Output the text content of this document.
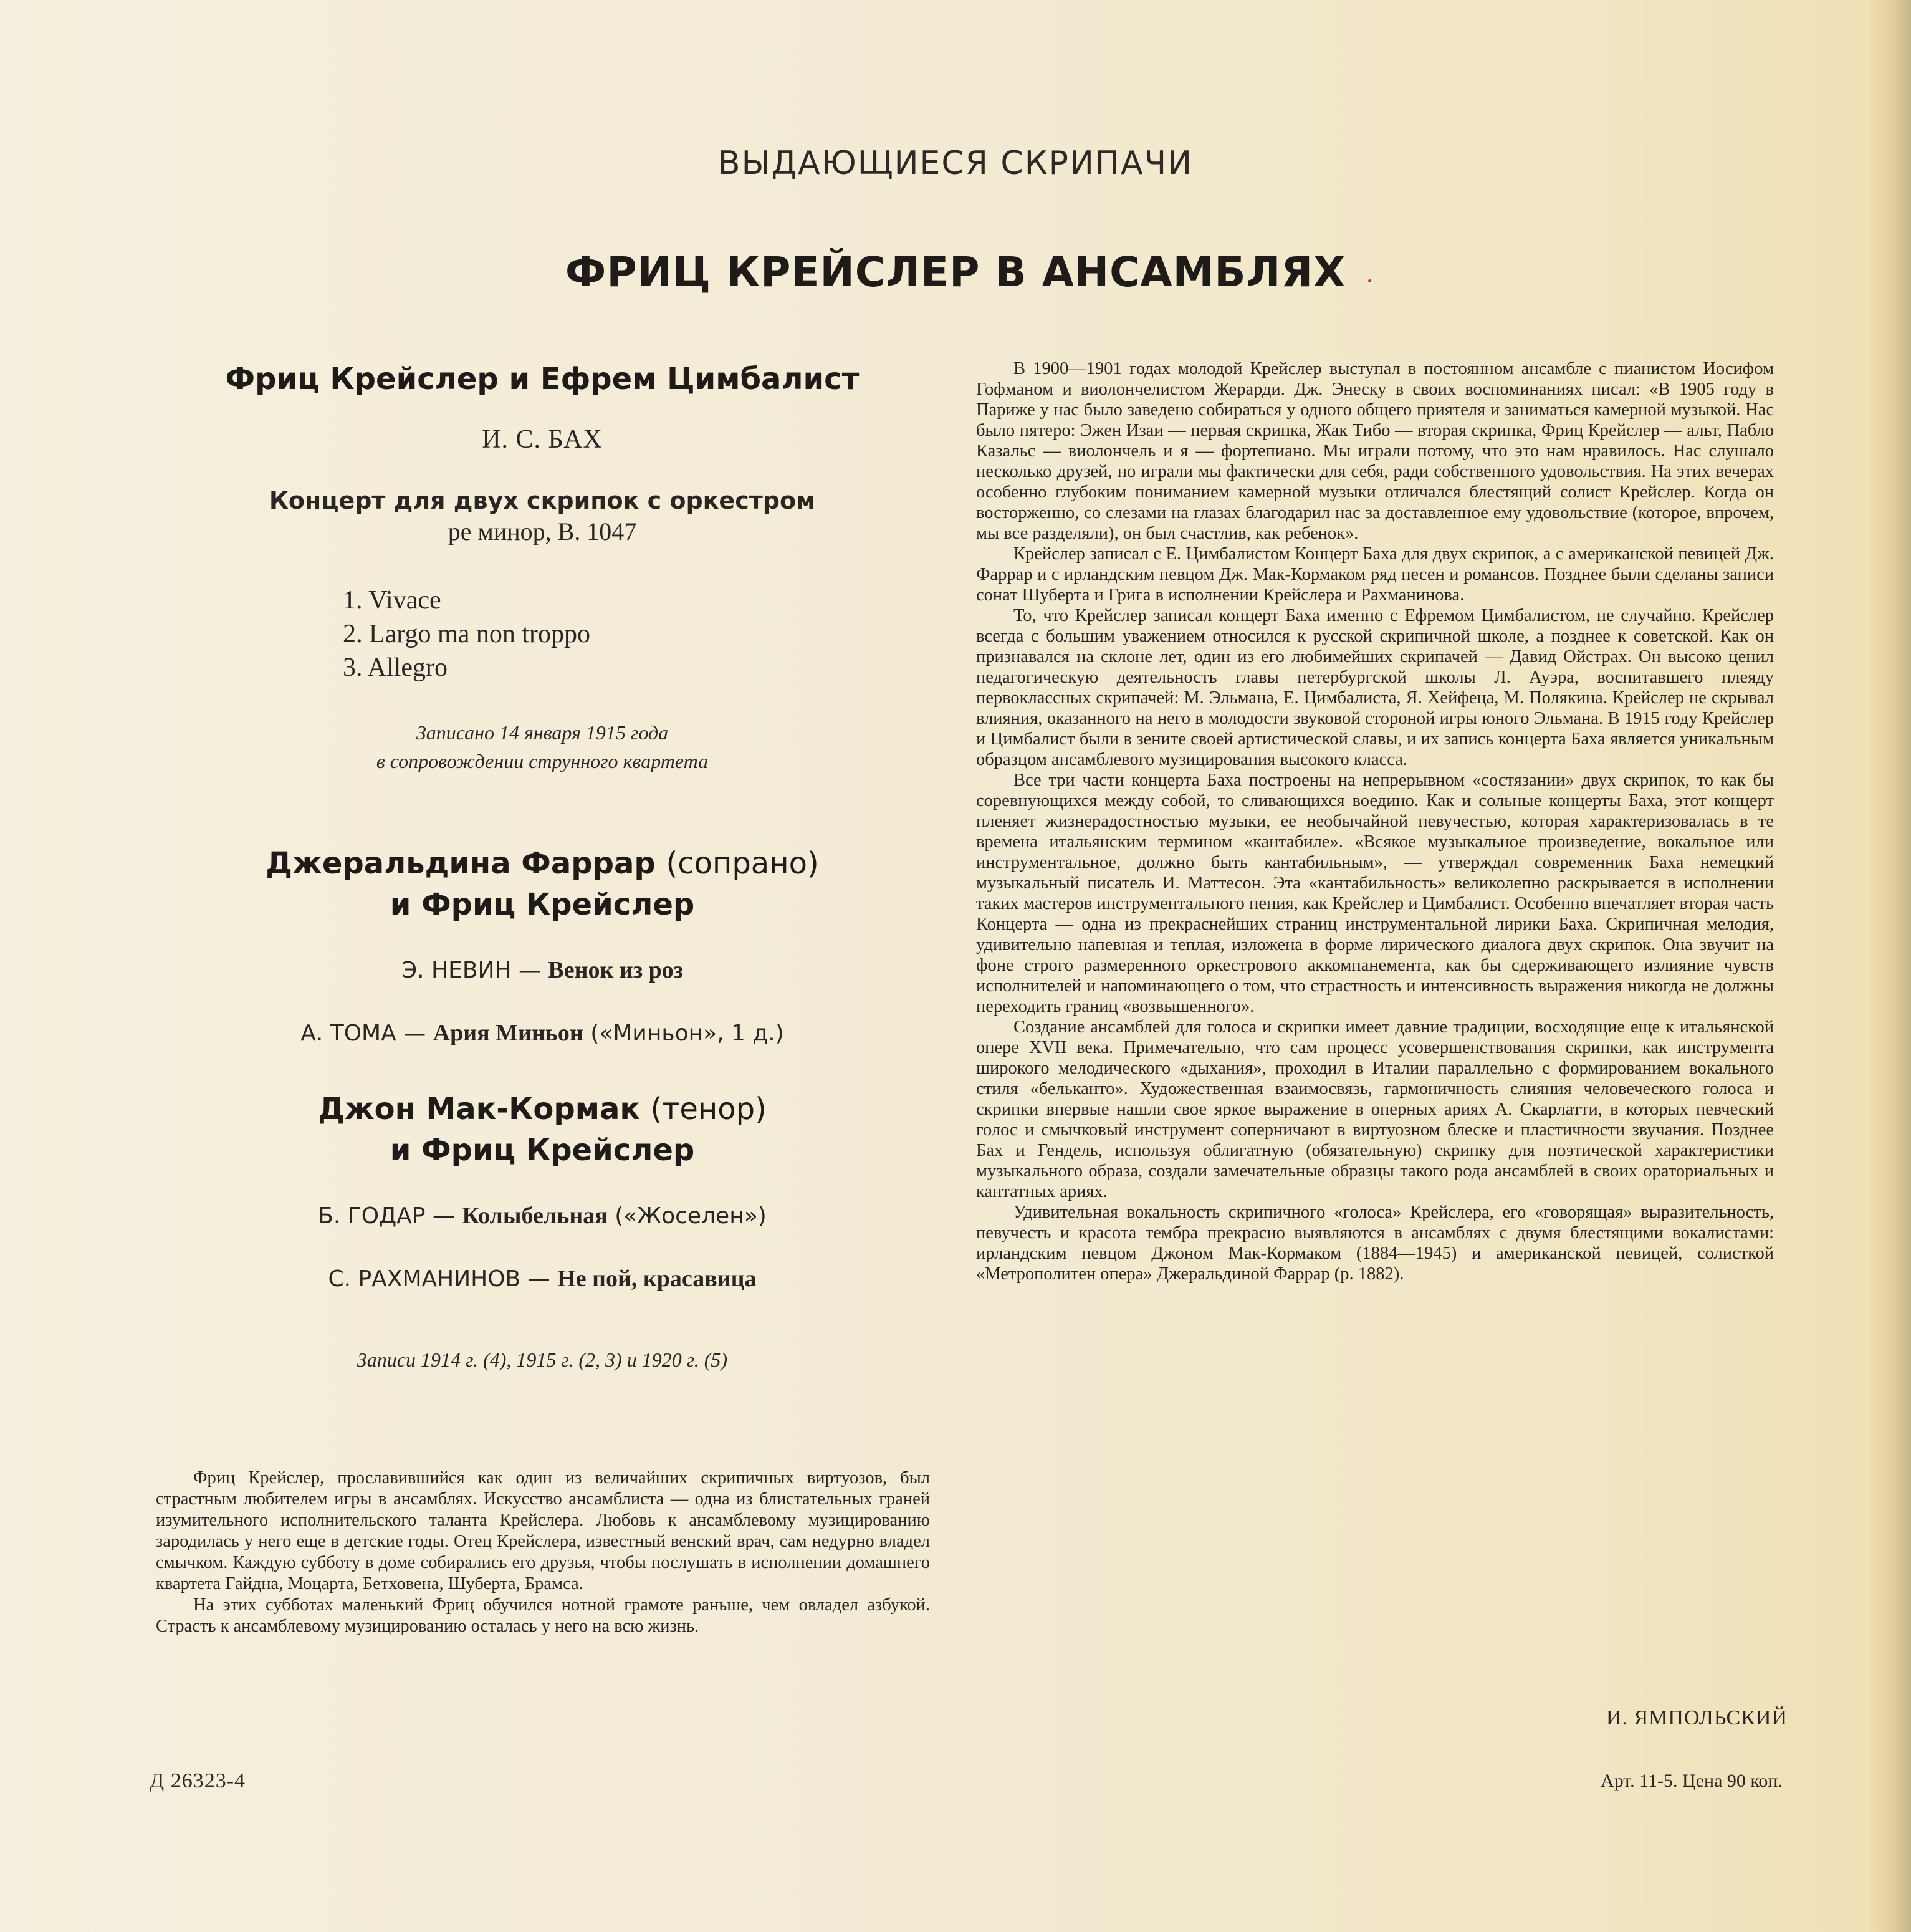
ВЫДАЮЩИЕСЯ СКРИПАЧИ
ФРИЦ КРЕЙСЛЕР В АНСАМБЛЯХ
Фриц Крейслер и Ефрем Цимбалист
И. С. БАХ
Концерт для двух скрипок с оркестром
ре минор, В. 1047
1. Vivace
2. Largo ma non troppo
3. Allegro
Записано 14 января 1915 года
в сопровождении струнного квартета
Джеральдина Фаррар (сопрано)
и Фриц Крейслер
Э. НЕВИН — Венок из роз
А. ТОМА — Ария Миньон («Миньон», 1 д.)
Джон Мак-Кормак (тенор)
и Фриц Крейслер
Б. ГОДАР — Колыбельная («Жоселен»)
С. РАХМАНИНОВ — Не пой, красавица
Записи 1914 г. (4), 1915 г. (2, 3) и 1920 г. (5)

Фриц Крейслер, прославившийся как один из величайших скрипичных виртуозов, был страстным любителем игры в ансамблях. Искусство ансамблиста — одна из блистательных граней изумительного исполнительского таланта Крейслера. Любовь к ансамблевому музицированию зародилась у него еще в детские годы. Отец Крейслера, известный венский врач, сам недурно владел смычком. Каждую субботу в доме собирались его друзья, чтобы послушать в исполнении домашнего квартета Гайдна, Моцарта, Бетховена, Шуберта, Брамса.

На этих субботах маленький Фриц обучился нотной грамоте раньше, чем овладел азбукой. Страсть к ансамблевому музицированию осталась у него на всю жизнь.

В 1900—1901 годах молодой Крейслер выступал в постоянном ансамбле с пианистом Иосифом Гофманом и виолончелистом Жерарди. Дж. Энеску в своих воспоминаниях писал: «В 1905 году в Париже у нас было заведено собираться у одного общего приятеля и заниматься камерной музыкой. Нас было пятеро: Эжен Изаи — первая скрипка, Жак Тибо — вторая скрипка, Фриц Крейслер — альт, Пабло Казальс — виолончель и я — фортепиано. Мы играли потому, что это нам нравилось. Нас слушало несколько друзей, но играли мы фактически для себя, ради собственного удовольствия. На этих вечерах особенно глубоким пониманием камерной музыки отличался блестящий солист Крейслер. Когда он восторженно, со слезами на глазах благодарил нас за доставленное ему удовольствие (которое, впрочем, мы все разделяли), он был счастлив, как ребенок».

Крейслер записал с Е. Цимбалистом Концерт Баха для двух скрипок, а с американской певицей Дж. Фаррар и с ирландским певцом Дж. Мак-Кормаком ряд песен и романсов. Позднее были сделаны записи сонат Шуберта и Грига в исполнении Крейслера и Рахманинова.

То, что Крейслер записал концерт Баха именно с Ефремом Цимбалистом, не случайно. Крейслер всегда с большим уважением относился к русской скрипичной школе, а позднее к советской. Как он признавался на склоне лет, один из его любимейших скрипачей — Давид Ойстрах. Он высоко ценил педагогическую деятельность главы петербургской школы Л. Ауэра, воспитавшего плеяду первоклассных скрипачей: М. Эльмана, Е. Цимбалиста, Я. Хейфеца, М. Полякина. Крейслер не скрывал влияния, оказанного на него в молодости звуковой стороной игры юного Эльмана. В 1915 году Крейслер и Цимбалист были в зените своей артистической славы, и их запись концерта Баха является уникальным образцом ансамблевого музицирования высокого класса.

Все три части концерта Баха построены на непрерывном «состязании» двух скрипок, то как бы соревнующихся между собой, то сливающихся воедино. Как и сольные концерты Баха, этот концерт пленяет жизнерадостностью музыки, ее необычайной певучестью, которая характеризовалась в те времена итальянским термином «кантабиле». «Всякое музыкальное произведение, вокальное или инструментальное, должно быть кантабильным», — утверждал современник Баха немецкий музыкальный писатель И. Маттесон. Эта «кантабильность» великолепно раскрывается в исполнении таких мастеров инструментального пения, как Крейслер и Цимбалист. Особенно впечатляет вторая часть Концерта — одна из прекраснейших страниц инструментальной лирики Баха. Скрипичная мелодия, удивительно напевная и теплая, изложена в форме лирического диалога двух скрипок. Она звучит на фоне строго размеренного оркестрового аккомпанемента, как бы сдерживающего излияние чувств исполнителей и напоминающего о том, что страстность и интенсивность выражения никогда не должны переходить границ «возвышенного».

Создание ансамблей для голоса и скрипки имеет давние традиции, восходящие еще к итальянской опере XVII века. Примечательно, что сам процесс усовершенствования скрипки, как инструмента широкого мелодического «дыхания», проходил в Италии параллельно с формированием вокального стиля «бельканто». Художественная взаимосвязь, гармоничность слияния человеческого голоса и скрипки впервые нашли свое яркое выражение в оперных ариях А. Скарлатти, в которых певческий голос и смычковый инструмент соперничают в виртуозном блеске и пластичности звучания. Позднее Бах и Гендель, используя облигатную (обязательную) скрипку для поэтической характеристики музыкального образа, создали замечательные образцы такого рода ансамблей в своих ораториальных и кантатных ариях.

Удивительная вокальность скрипичного «голоса» Крейслера, его «говорящая» выразительность, певучесть и красота тембра прекрасно выявляются в ансамблях с двумя блестящими вокалистами: ирландским певцом Джоном Мак-Кормаком (1884—1945) и американской певицей, солисткой «Метрополитен опера» Джеральдиной Фаррар (р. 1882).

И. ЯМПОЛЬСКИЙ
Д 26323-4	Арт. 11-5. Цена 90 коп.
